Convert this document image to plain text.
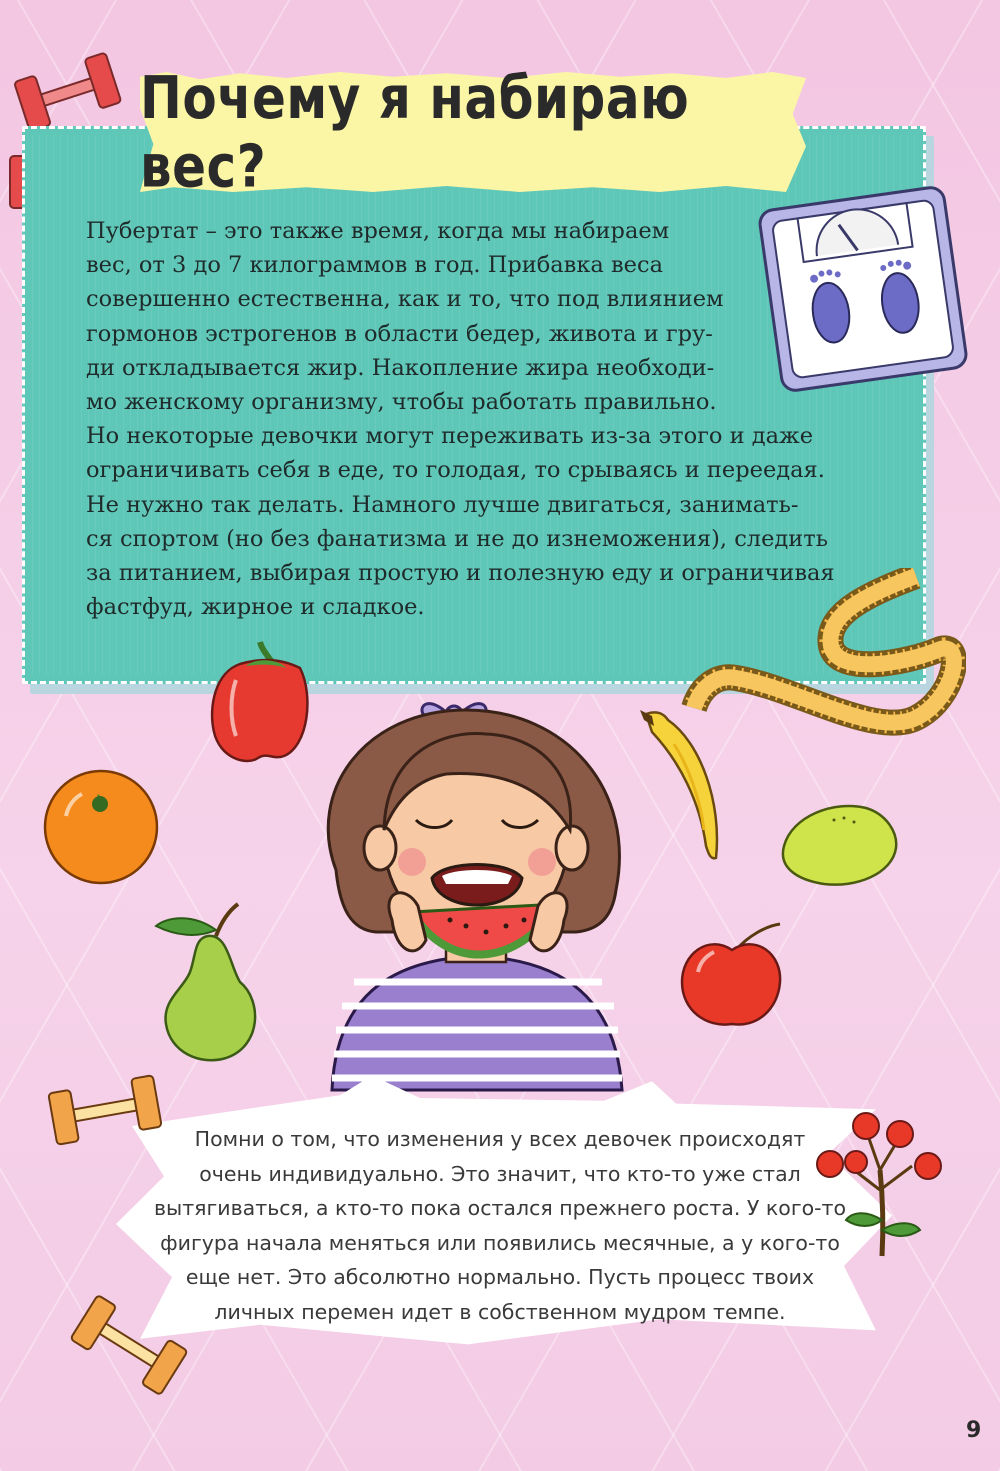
Почему я набираю вес?
Пубертат – это также время, когда мы набираем
вес, от 3 до 7 килограммов в год. Прибавка веса
совершенно естественна, как и то, что под влиянием
гормонов эстрогенов в области бедер, живота и гру-
ди откладывается жир. Накопление жира необходи-
мо женскому организму, чтобы работать правильно.
Но некоторые девочки могут переживать из-за этого и даже
ограничивать себя в еде, то голодая, то срываясь и переедая.
Не нужно так делать. Намного лучше двигаться, занимать-
ся спортом (но без фанатизма и не до изнеможения), следить
за питанием, выбирая простую и полезную еду и ограничивая
фастфуд, жирное и сладкое.
Помни о том, что изменения у всех девочек происходят
очень индивидуально. Это значит, что кто-то уже стал
вытягиваться, а кто-то пока остался прежнего роста. У кого-то
фигура начала меняться или появились месячные, а у кого-то
еще нет. Это абсолютно нормально. Пусть процесс твоих
личных перемен идет в собственном мудром темпе.
9
